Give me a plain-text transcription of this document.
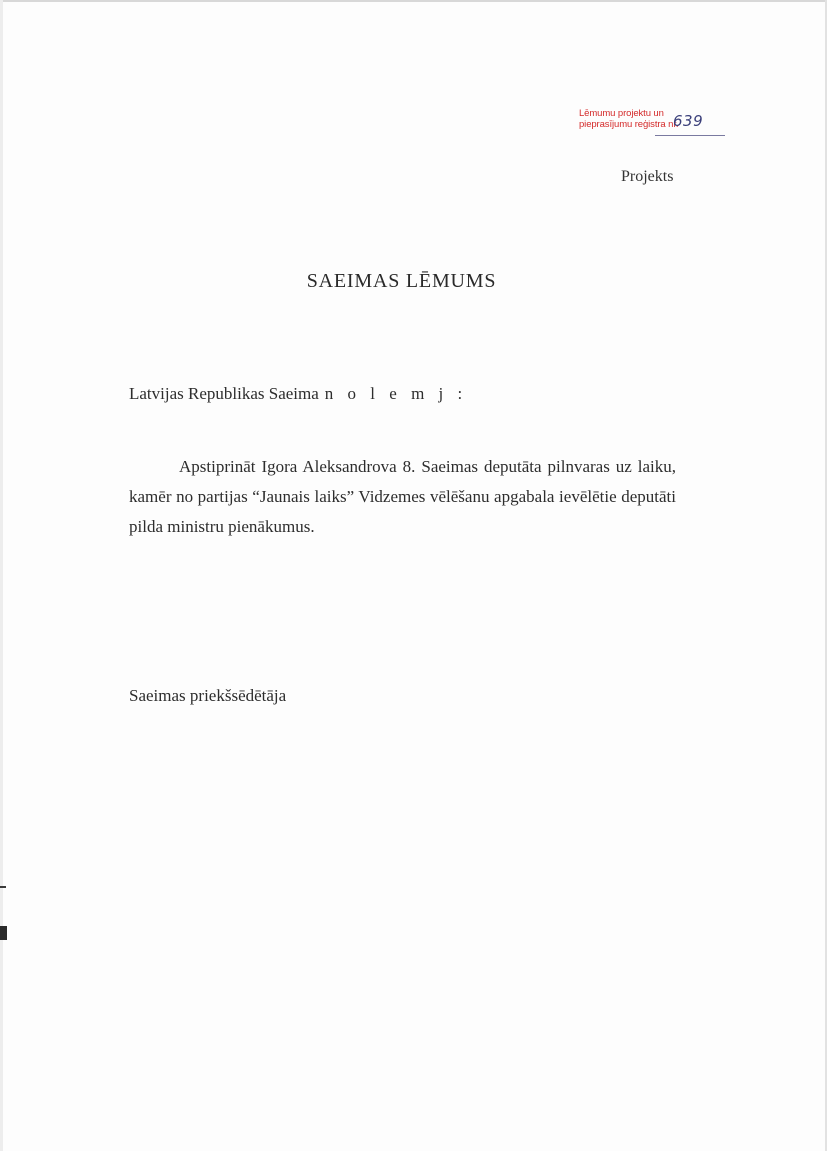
Lēmumu projektu un
pieprasījumu reģistra nr.
639
Projekts
SAEIMAS LĒMUMS
Latvijas Republikas Saeima n o l e m j :

Apstiprināt Igora Aleksandrova 8. Saeimas deputāta pilnvaras uz laiku, kamēr no partijas “Jaunais laiks” Vidzemes vēlēšanu apgabala ievēlētie deputāti pilda ministru pienākumus.

Saeimas priekšsēdētāja
